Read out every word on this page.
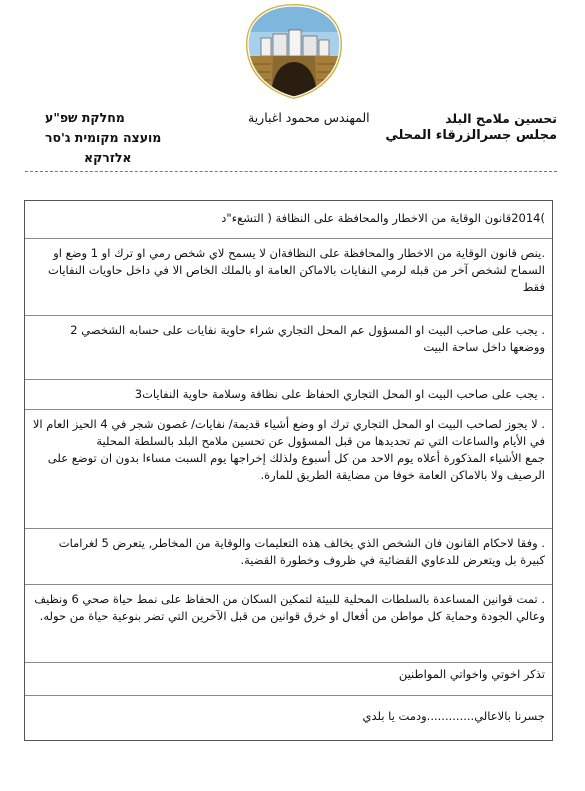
تحسين ملامح البلد
مجلس جسرالزرقاء المحلي
المهندس محمود اغبارية
מחלקת שפ"ע
מועצה מקומית ג'סר
אלזרקא

)2014قانون الوقاية من الاخطار والمحافظة على النظافة ( التشعء"د

.ينص قانون الوقاية من الاخطار والمحافظة على النظافةان لا يسمح لاي شخص رمي او ترك او 1 وضع او السماح لشخص آخر من قبله لرمي النفايات بالاماكن العامة او بالملك الخاص الا في داخل حاويات النفايات فقط

. يجب على صاحب البيت او المسؤول عم المحل التجاري شراء حاوية نفايات على حسابه الشخصي 2 ووضعها داخل ساحة البيت

. يجب على صاحب البيت او المحل التجاري الحفاظ على نظافة وسلامة حاوية النفايات3

. لا يجوز لصاحب البيت او المحل التجاري ترك او وضع أشياء قديمة/ نفايات/ غصون شجر في 4 الحيز العام الا في الأيام والساعات التي تم تحديدها من قبل المسؤول عن تحسين ملامح البلد بالسلطة المحلية

جمع الأشياء المذكورة أعلاه يوم الاحد من كل أسبوع ولذلك إخراجها يوم السبت مساءا بدون ان توضع على الرصيف ولا بالاماكن العامة خوفا من مضايقة الطريق للمارة.

. وفقا لاحكام القانون فان الشخص الذي يخالف هذه التعليمات والوقاية من المخاطر, يتعرض 5 لغرامات كبيرة بل ويتعرض للدعاوي القضائية في ظروف وخطورة القضية.

. تمت قوانين المساعدة بالسلطات المحلية للبيئة لتمكين السكان من الحفاظ على نمط حياة صحي 6 ونظيف وعالي الجودة وحماية كل مواطن من أفعال او خرق قوانين من قبل الآخرين التي تضر بنوعية حياة من حوله.

تذكر اخوتي واخواتي المواطنين

جسرنا بالاعالي.............ودمت يا بلدي
